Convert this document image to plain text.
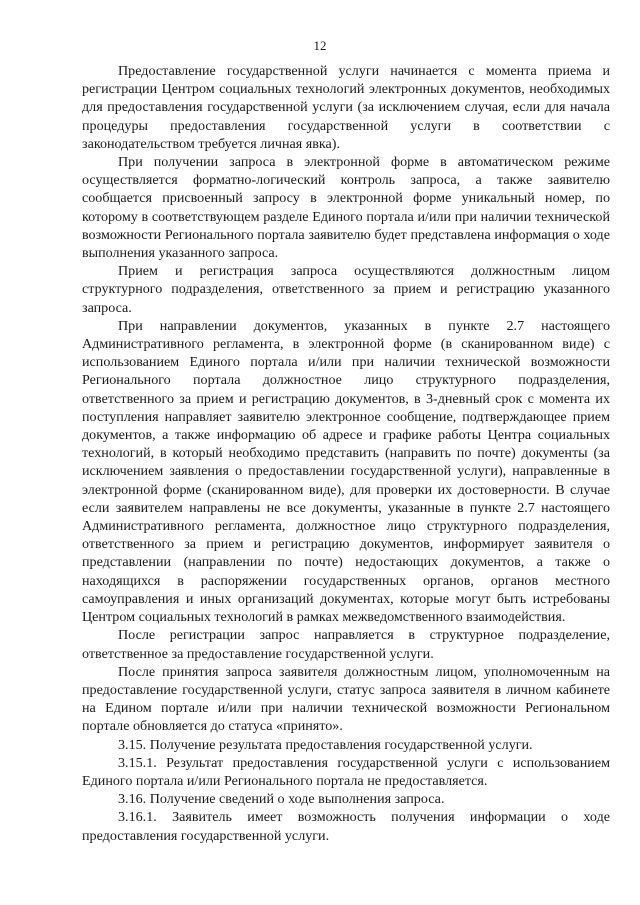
12

Предоставление государственной услуги начинается с момента приема и регистрации Центром социальных технологий электронных документов, необходимых для предоставления государственной услуги (за исключением случая, если для начала процедуры предоставления государственной услуги в соответствии с законодательством требуется личная явка).

При получении запроса в электронной форме в автоматическом режиме осуществляется форматно-логический контроль запроса, а также заявителю сообщается присвоенный запросу в электронной форме уникальный номер, по которому в соответствующем разделе Единого портала и/или при наличии технической возможности Регионального портала заявителю будет представлена информация о ходе выполнения указанного запроса.

Прием и регистрация запроса осуществляются должностным лицом структурного подразделения, ответственного за прием и регистрацию указанного запроса.

При направлении документов, указанных в пункте 2.7 настоящего Административного регламента, в электронной форме (в сканированном виде) с использованием Единого портала и/или при наличии технической возможности Регионального портала должностное лицо структурного подразделения, ответственного за прием и регистрацию документов, в 3-дневный срок с момента их поступления направляет заявителю электронное сообщение, подтверждающее прием документов, а также информацию об адресе и графике работы Центра социальных технологий, в который необходимо представить (направить по почте) документы (за исключением заявления о предоставлении государственной услуги), направленные в электронной форме (сканированном виде), для проверки их достоверности. В случае если заявителем направлены не все документы, указанные в пункте 2.7 настоящего Административного регламента, должностное лицо структурного подразделения, ответственного за прием и регистрацию документов, информирует заявителя о представлении (направлении по почте) недостающих документов, а также о находящихся в распоряжении государственных органов, органов местного самоуправления и иных организаций документах, которые могут быть истребованы Центром социальных технологий в рамках межведомственного взаимодействия.

После регистрации запрос направляется в структурное подразделение, ответственное за предоставление государственной услуги.

После принятия запроса заявителя должностным лицом, уполномоченным на предоставление государственной услуги, статус запроса заявителя в личном кабинете на Едином портале и/или при наличии технической возможности Региональном портале обновляется до статуса «принято».

3.15. Получение результата предоставления государственной услуги.

3.15.1. Результат предоставления государственной услуги с использованием Единого портала и/или Регионального портала не предоставляется.

3.16. Получение сведений о ходе выполнения запроса.

3.16.1. Заявитель имеет возможность получения информации о ходе предоставления государственной услуги.
